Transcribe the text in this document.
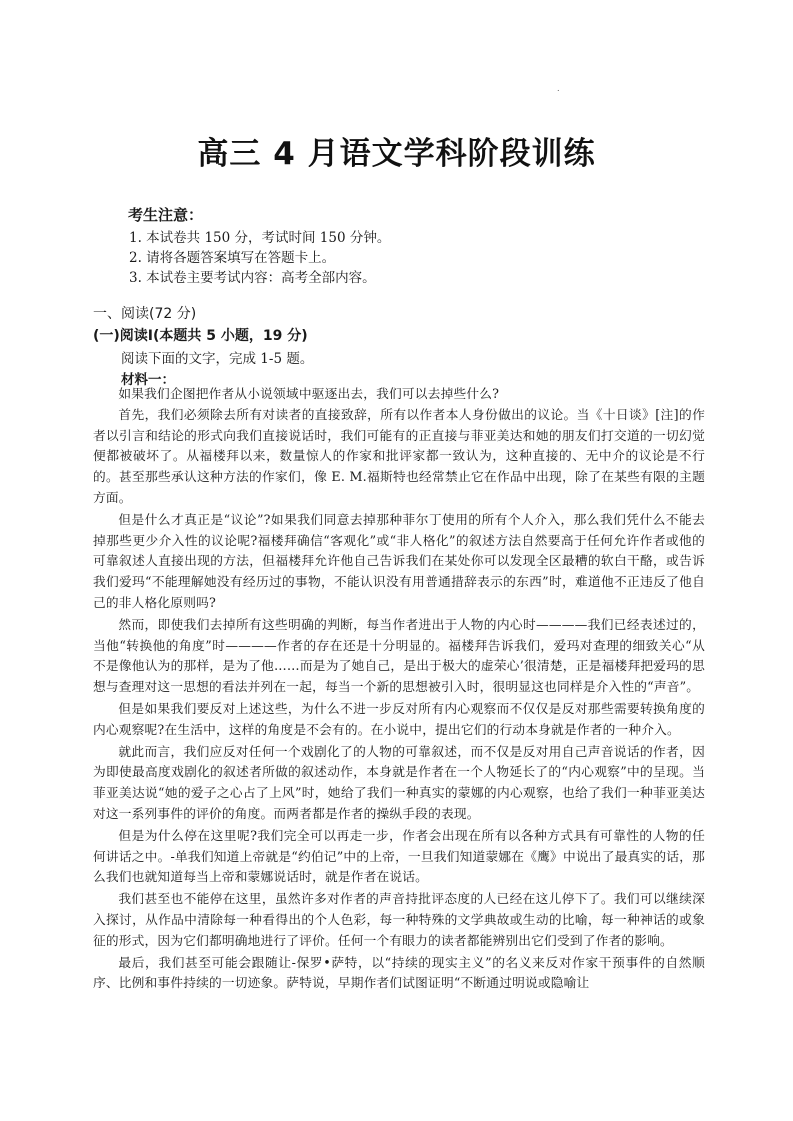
.
高三 4 月语文学科阶段训练
考生注意：
1. 本试卷共 150 分，考试时间 150 分钟。
2. 请将各题答案填写在答题卡上。
3. 本试卷主要考试内容：高考全部内容。
一、阅读(72 分)
(一)阅读Ⅰ(本题共 5 小题，19 分)
阅读下面的文字，完成 1-5 题。
材料一：

如果我们企图把作者从小说领域中驱逐出去，我们可以去掉些什么?

首先，我们必须除去所有对读者的直接致辞，所有以作者本人身份做出的议论。当《十日谈》[注]的作者以引言和结论的形式向我们直接说话时，我们可能有的正直接与菲亚美达和她的朋友们打交道的一切幻觉便都被破坏了。从福楼拜以来，数量惊人的作家和批评家都一致认为，这种直接的、无中介的议论是不行的。甚至那些承认这种方法的作家们，像 E. M.福斯特也经常禁止它在作品中出现，除了在某些有限的主题方面。

但是什么才真正是“议论”?如果我们同意去掉那种菲尔丁使用的所有个人介入，那么我们凭什么不能去掉那些更少介入性的议论呢?福楼拜确信“客观化”或“非人格化”的叙述方法自然要高于任何允许作者或他的可靠叙述人直接出现的方法，但福楼拜允许他自己告诉我们在某处你可以发现全区最糟的软白干酪，或告诉我们爱玛“不能理解她没有经历过的事物，不能认识没有用普通措辞表示的东西”时，难道他不正违反了他自己的非人格化原则吗?

然而，即使我们去掉所有这些明确的判断，每当作者进出于人物的内心时————我们已经表述过的，当他“转换他的角度”时————作者的存在还是十分明显的。福楼拜告诉我们，爱玛对查理的细致关心“从不是像他认为的那样，是为了他……而是为了她自己，是出于极大的虚荣心’很清楚，正是福楼拜把爱玛的思想与查理对这一思想的看法并列在一起，每当一个新的思想被引入时，很明显这也同样是介入性的“声音”。

但是如果我们要反对上述这些，为什么不进一步反对所有内心观察而不仅仅是反对那些需要转换角度的内心观察呢?在生活中，这样的角度是不会有的。在小说中，提出它们的行动本身就是作者的一种介入。

就此而言，我们应反对任何一个戏剧化了的人物的可靠叙述，而不仅是反对用自己声音说话的作者，因为即使最高度戏剧化的叙述者所做的叙述动作，本身就是作者在一个人物延长了的“内心观察”中的呈现。当菲亚美达说“她的爱子之心占了上风”时，她给了我们一种真实的蒙娜的内心观察，也给了我们一种菲亚美达对这一系列事件的评价的角度。而两者都是作者的操纵手段的表现。

但是为什么停在这里呢?我们完全可以再走一步，作者会出现在所有以各种方式具有可靠性的人物的任何讲话之中。-单我们知道上帝就是“约伯记”中的上帝，一旦我们知道蒙娜在《鹰》中说出了最真实的话，那么我们也就知道每当上帝和蒙娜说话时，就是作者在说话。

我们甚至也不能停在这里，虽然许多对作者的声音持批评态度的人已经在这儿停下了。我们可以继续深入探讨，从作品中清除每一种看得出的个人色彩，每一种特殊的文学典故或生动的比喻，每一种神话的或象征的形式，因为它们都明确地进行了评价。任何一个有眼力的读者都能辨别出它们受到了作者的影响。

最后，我们甚至可能会跟随让-保罗•萨特，以“持续的现实主义”的名义来反对作家干预事件的自然顺序、比例和事件持续的一切迹象。萨特说，早期作者们试图证明“不断通过明说或隐喻让
